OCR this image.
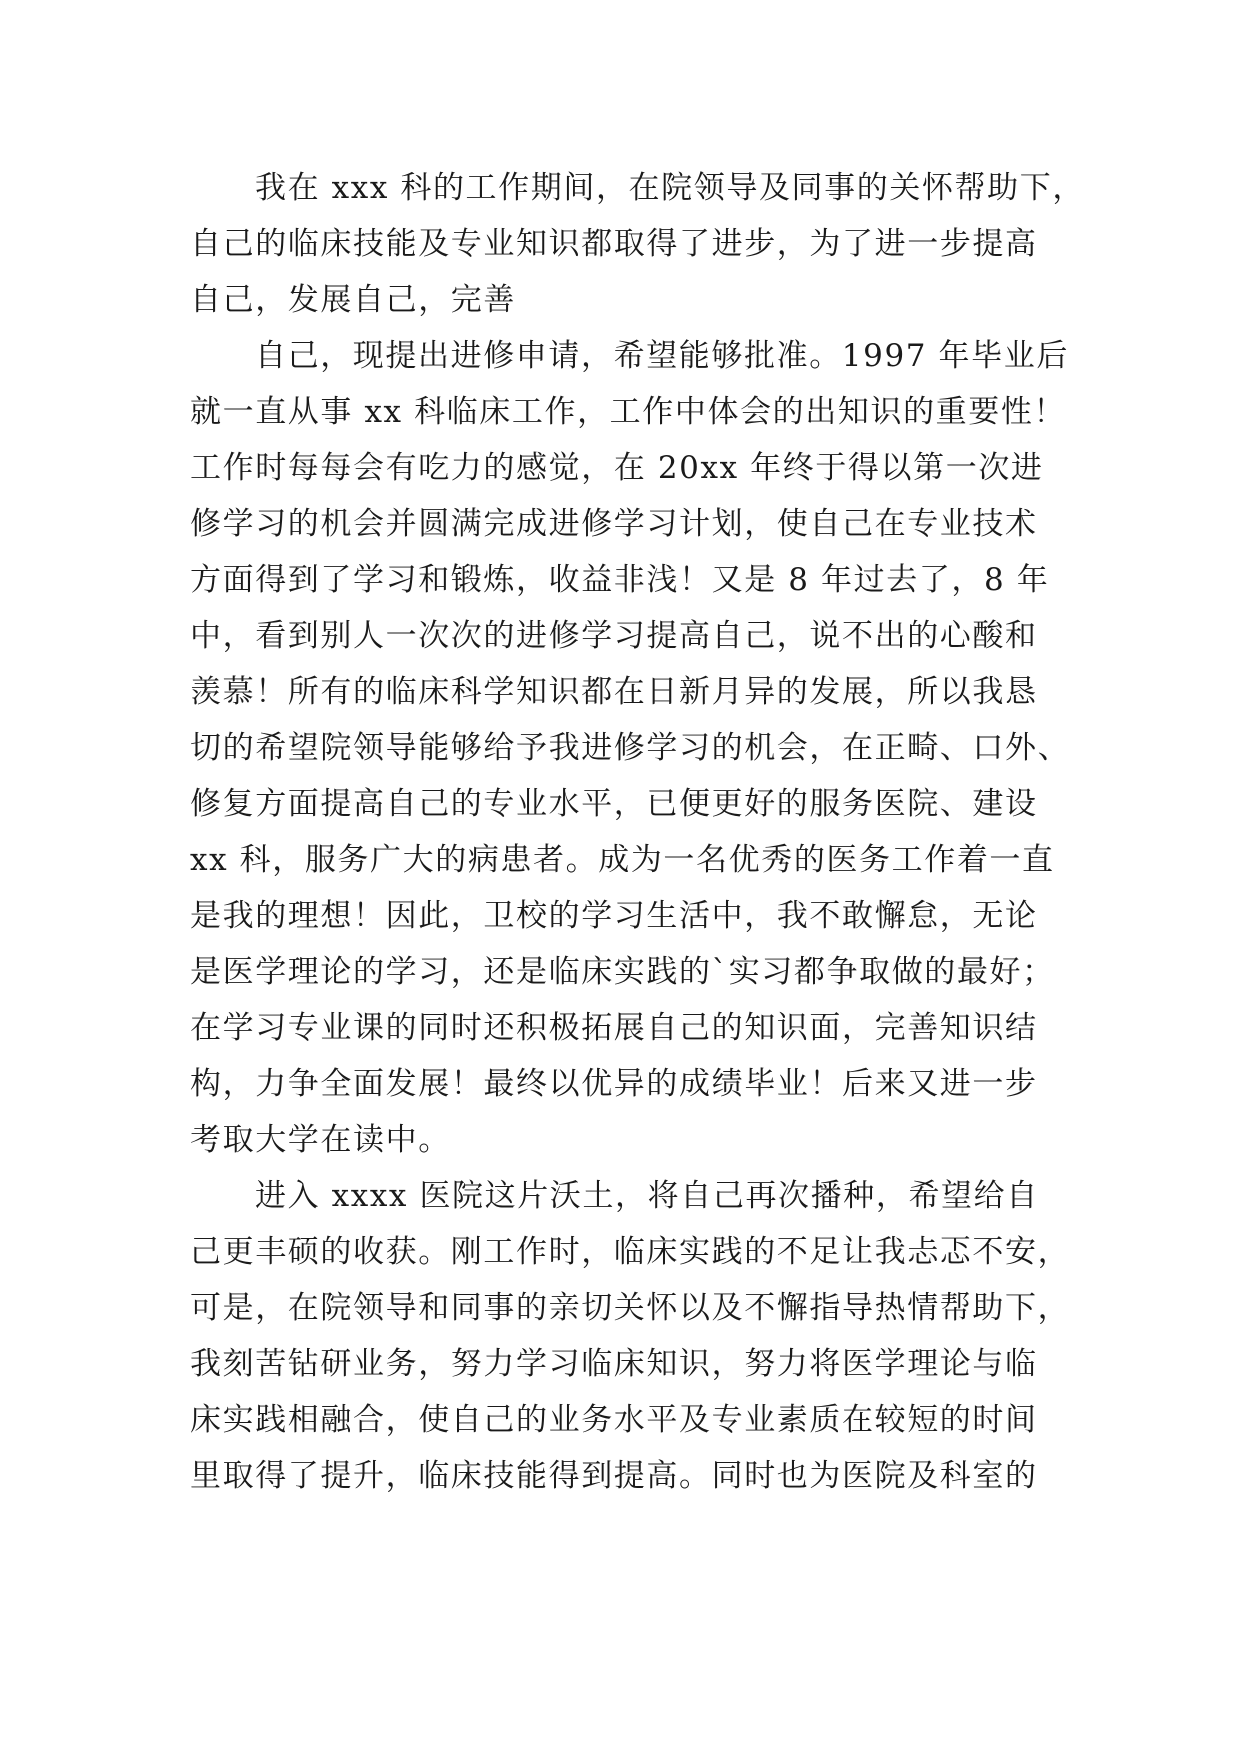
我在 xxx 科的工作期间，在院领导及同事的关怀帮助下，
自己的临床技能及专业知识都取得了进步，为了进一步提高
自己，发展自己，完善
自己，现提出进修申请，希望能够批准。1997 年毕业后
就一直从事 xx 科临床工作，工作中体会的出知识的重要性！
工作时每每会有吃力的感觉，在 20xx 年终于得以第一次进
修学习的机会并圆满完成进修学习计划，使自己在专业技术
方面得到了学习和锻炼，收益非浅！又是 8 年过去了，8 年
中，看到别人一次次的进修学习提高自己，说不出的心酸和
羡慕！所有的临床科学知识都在日新月异的发展，所以我恳
切的希望院领导能够给予我进修学习的机会，在正畸、口外、
修复方面提高自己的专业水平，已便更好的服务医院、建设
xx 科，服务广大的病患者。成为一名优秀的医务工作着一直
是我的理想！因此，卫校的学习生活中，我不敢懈怠，无论
是医学理论的学习，还是临床实践的`实习都争取做的最好；
在学习专业课的同时还积极拓展自己的知识面，完善知识结
构，力争全面发展！最终以优异的成绩毕业！后来又进一步
考取大学在读中。
进入 xxxx 医院这片沃土，将自己再次播种，希望给自
己更丰硕的收获。刚工作时，临床实践的不足让我忐忑不安，
可是，在院领导和同事的亲切关怀以及不懈指导热情帮助下，
我刻苦钻研业务，努力学习临床知识，努力将医学理论与临
床实践相融合，使自己的业务水平及专业素质在较短的时间
里取得了提升，临床技能得到提高。同时也为医院及科室的
